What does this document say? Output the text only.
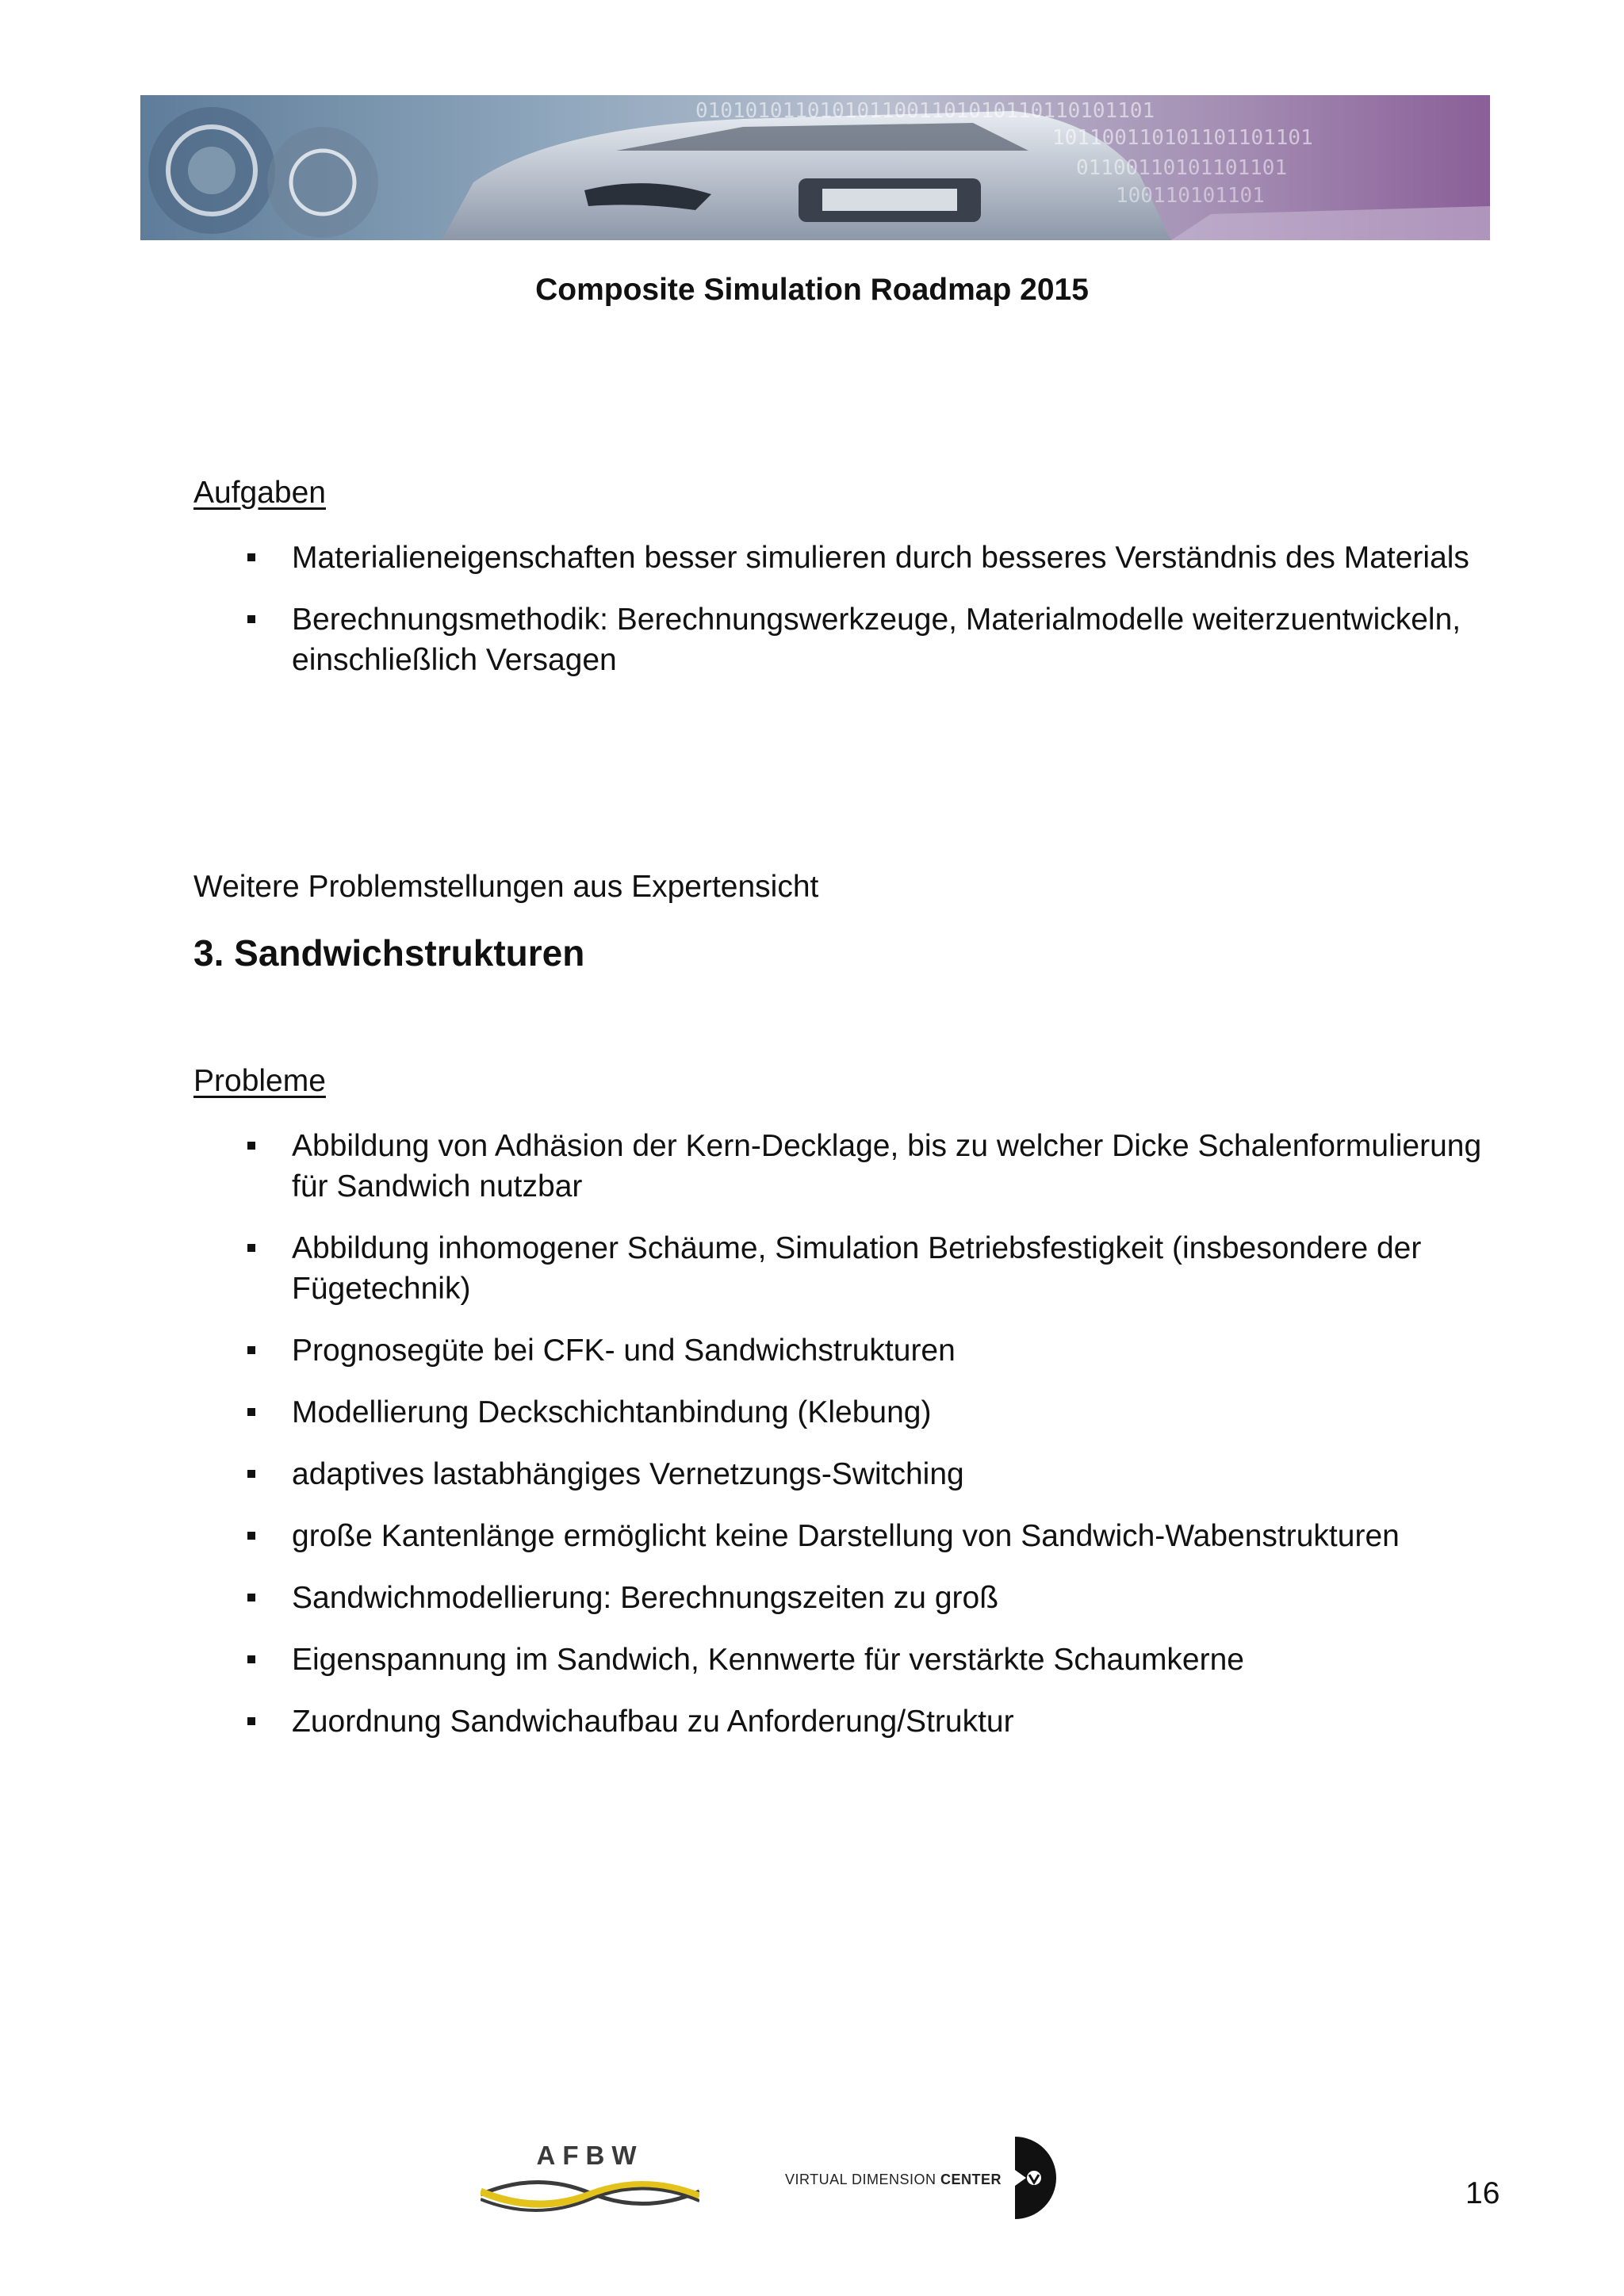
0101010110101011001101010110110101101
101100110101101101101
01100110101101101
100110101101
Composite Simulation Roadmap 2015
Aufgaben
Materialieneigenschaften besser simulieren durch besseres Verständnis des Materials
Berechnungsmethodik: Berechnungswerkzeuge, Materialmodelle weiterzuentwickeln, einschließlich Versagen
Weitere Problemstellungen aus Expertensicht
3. Sandwichstrukturen
Probleme
Abbildung von Adhäsion der Kern-Decklage, bis zu welcher Dicke Schalenformulierung für Sandwich nutzbar
Abbildung inhomogener Schäume, Simulation Betriebsfestigkeit (insbesondere der Fügetechnik)
Prognosegüte bei CFK- und Sandwichstrukturen
Modellierung Deckschichtanbindung (Klebung)
adaptives lastabhängiges Vernetzungs-Switching
große Kantenlänge ermöglicht keine Darstellung von Sandwich-Wabenstrukturen
Sandwichmodellierung: Berechnungszeiten zu groß
Eigenspannung im Sandwich, Kennwerte für verstärkte Schaumkerne
Zuordnung Sandwichaufbau zu Anforderung/Struktur
AFBW
VIRTUAL DIMENSION CENTER	16
